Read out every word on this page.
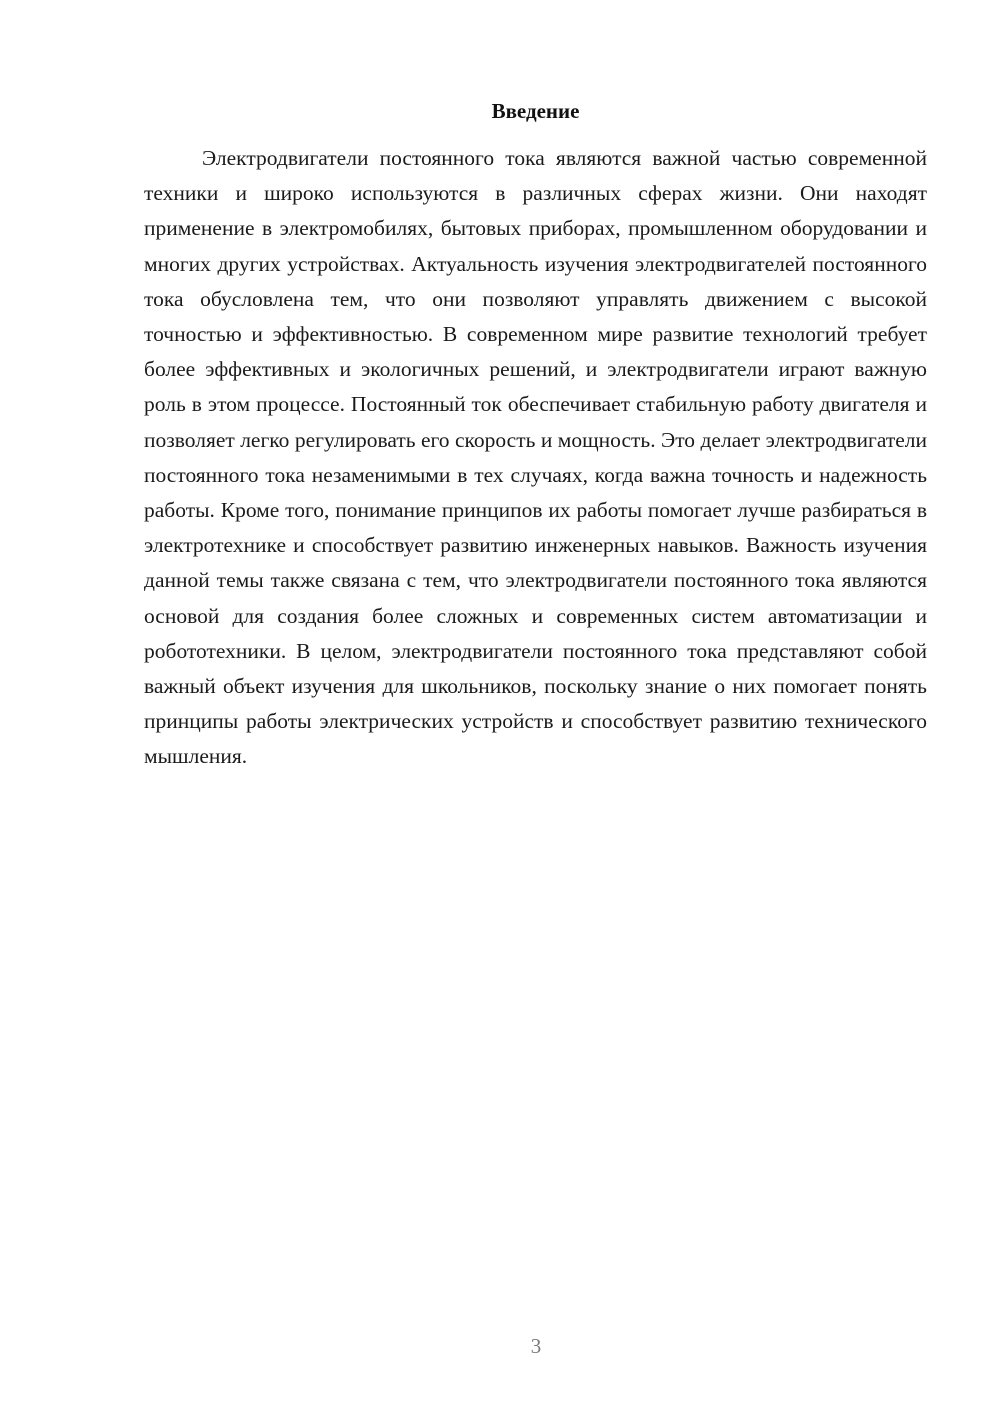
Введение

Электродвигатели постоянного тока являются важной частью современной техники и широко используются в различных сферах жизни. Они находят применение в электромобилях, бытовых приборах, промышленном оборудовании и многих других устройствах. Актуальность изучения электродвигателей постоянного тока обусловлена тем, что они позволяют управлять движением с высокой точностью и эффективностью. В современном мире развитие технологий требует более эффективных и экологичных решений, и электродвигатели играют важную роль в этом процессе. Постоянный ток обеспечивает стабильную работу двигателя и позволяет легко регулировать его скорость и мощность. Это делает электродвигатели постоянного тока незаменимыми в тех случаях, когда важна точность и надежность работы. Кроме того, понимание принципов их работы помогает лучше разбираться в электротехнике и способствует развитию инженерных навыков. Важность изучения данной темы также связана с тем, что электродвигатели постоянного тока являются основой для создания более сложных и современных систем автоматизации и робототехники. В целом, электродвигатели постоянного тока представляют собой важный объект изучения для школьников, поскольку знание о них помогает понять принципы работы электрических устройств и способствует развитию технического мышления.

3
